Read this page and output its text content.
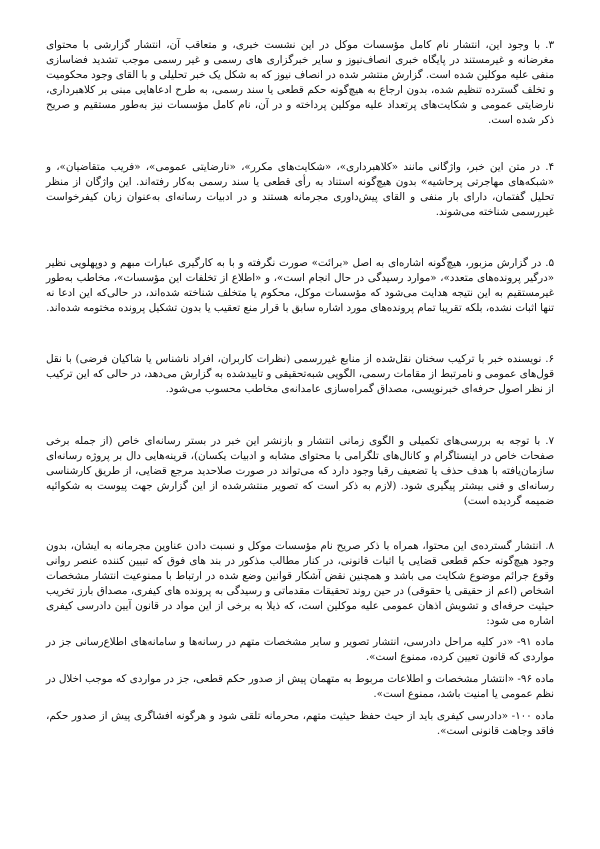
۳. با وجود این، انتشار نام کامل مؤسسات موکل در این نشست خبری، و متعاقب آن، انتشار گزارشی با محتوای مغرضانه و غیرمستند در پایگاه خبری انصاف‌نیوز و سایر خبرگزاری های رسمی و غیر رسمی موجب تشدید فضاسازی منفی علیه موکلین شده است. گزارش منتشر شده در انصاف نیوز که به شکل یک خبر تحلیلی و با القای وجود محکومیت و تخلف گسترده تنظیم شده، بدون ارجاع به هیچ‌گونه حکم قطعی یا سند رسمی، به طرح ادعاهایی مبنی بر کلاهبرداری، نارضایتی عمومی و شکایت‌های پرتعداد علیه موکلین پرداخته و در آن، نام کامل مؤسسات نیز به‌طور مستقیم و صریح ذکر شده است.

۴. در متن این خبر، واژگانی مانند «کلاهبرداری»، «شکایت‌های مکرر»، «نارضایتی عمومی»، «فریب متقاضیان»، و «شبکه‌های مهاجرتی پرحاشیه» بدون هیچ‌گونه استناد به رأی قطعی یا سند رسمی به‌کار رفته‌اند. این واژگان از منظر تحلیل گفتمان، دارای بار منفی و القای پیش‌داوری مجرمانه هستند و در ادبیات رسانه‌ای به‌عنوان زبان کیفرخواست غیررسمی شناخته می‌شوند.

۵. در گزارش مزبور، هیچ‌گونه اشاره‌ای به اصل «برائت» صورت نگرفته و با به کارگیری عبارات مبهم و دوپهلویی نظیر «درگیر پرونده‌های متعدد»، «موارد رسیدگی در حال انجام است»، و «اطلاع از تخلفات این مؤسسات»، مخاطب به‌طور غیرمستقیم به این نتیجه هدایت می‌شود که مؤسسات موکل، محکوم یا متخلف شناخته شده‌اند، در حالی‌که این ادعا نه تنها اثبات نشده، بلکه تقریبا تمام پرونده‌های مورد اشاره سابق با قرار منع تعقیب یا بدون تشکیل پرونده مختومه شده‌اند.

۶. نویسنده خبر با ترکیب سخنان نقل‌شده از منابع غیررسمی (نظرات کاربران، افراد ناشناس یا شاکیان فرضی) با نقل قول‌های عمومی و نامرتبط از مقامات رسمی، الگویی شبه‌تحقیقی و تاییدشده به گزارش می‌دهد، در حالی که این ترکیب از نظر اصول حرفه‌ای خبرنویسی، مصداق گمراه‌سازی عامدانه‌ی مخاطب محسوب می‌شود.

۷. با توجه به بررسی‌های تکمیلی و الگوی زمانی انتشار و بازنشر این خبر در بستر رسانه‌ای خاص (از جمله برخی صفحات خاص در اینستاگرام و کانال‌های تلگرامی با محتوای مشابه و ادبیات یکسان)، قرینه‌هایی دال بر پروژه رسانه‌ای سازمان‌یافته با هدف حذف یا تضعیف رقبا وجود دارد که می‌تواند در صورت صلاحدید مرجع قضایی، از طریق کارشناسی رسانه‌ای و فنی بیشتر پیگیری شود. (لازم به ذکر است که تصویر منتشرشده از این گزارش جهت پیوست به شکوائیه ضمیمه گردیده است)

۸. انتشار گسترده‌ی این محتوا، همراه با ذکر صریح نام مؤسسات موکل و نسبت دادن عناوین مجرمانه به ایشان، بدون وجود هیچ‌گونه حکم قطعی قضایی یا اثبات قانونی، در کنار مطالب مذکور در بند های فوق که تبیین کننده عنصر روانی وقوع جرائم موضوع شکایت می باشد و همچنین نقض آشکار قوانین وضع شده در ارتباط با ممنوعیت انتشار مشخصات اشخاص (اعم از حقیقی یا حقوقی) در حین روند تحقیقات مقدماتی و رسیدگی به پرونده های کیفری، مصداق بارز تخریب حیثیت حرفه‌ای و تشویش اذهان عمومی علیه موکلین است، که ذیلا به برخی از این مواد در قانون آیین دادرسی کیفری اشاره می شود:

ماده ۹۱- «در کلیه مراحل دادرسی، انتشار تصویر و سایر مشخصات متهم در رسانه‌ها و سامانه‌های اطلاع‌رسانی جز در مواردی که قانون تعیین کرده، ممنوع است».

ماده ۹۶- «انتشار مشخصات و اطلاعات مربوط به متهمان پیش از صدور حکم قطعی، جز در مواردی که موجب اخلال در نظم عمومی یا امنیت باشد، ممنوع است».

ماده ۱۰۰- «دادرسی کیفری باید از حیث حفظ حیثیت متهم، محرمانه تلقی شود و هرگونه افشاگری پیش از صدور حکم، فاقد وجاهت قانونی است».
